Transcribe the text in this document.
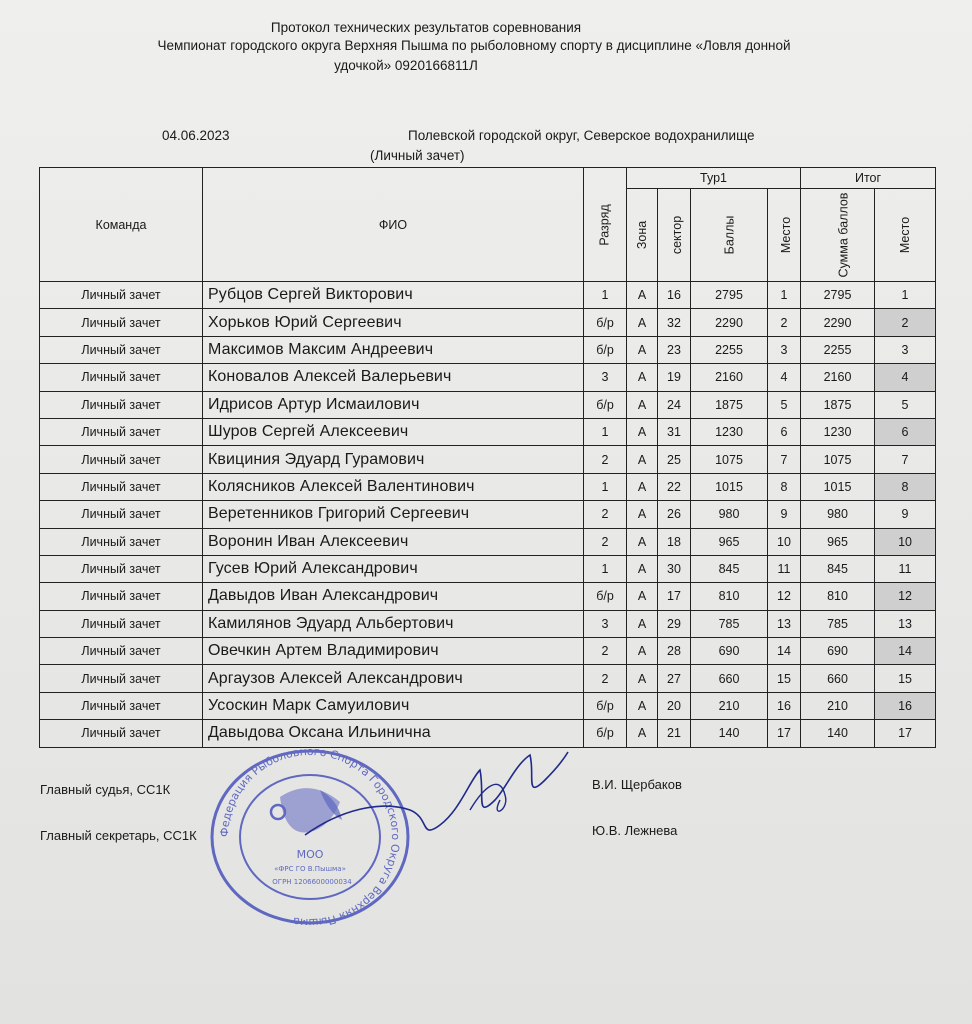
Протокол технических результатов соревнования
Чемпионат городского округа Верхняя Пышма по рыболовному спорту в дисциплине «Ловля донной
удочкой» 0920166811Л
04.06.2023	Полевской городской округ, Северское водохранилище
(Личный зачет)
Команда	ФИО	Разряд	Тур1				Итог	
			Зона	сектор	Баллы	Место	Сумма баллов	Место
Личный зачет	Рубцов Сергей Викторович	1	А	16	2795	1	2795	1
Личный зачет	Хорьков Юрий Сергеевич	б/р	А	32	2290	2	2290	2
Личный зачет	Максимов Максим Андреевич	б/р	А	23	2255	3	2255	3
Личный зачет	Коновалов Алексей Валерьевич	3	А	19	2160	4	2160	4
Личный зачет	Идрисов Артур Исмаилович	б/р	А	24	1875	5	1875	5
Личный зачет	Шуров Сергей Алексеевич	1	А	31	1230	6	1230	6
Личный зачет	Квициния Эдуард Гурамович	2	А	25	1075	7	1075	7
Личный зачет	Колясников Алексей Валентинович	1	А	22	1015	8	1015	8
Личный зачет	Веретенников Григорий Сергеевич	2	А	26	980	9	980	9
Личный зачет	Воронин Иван Алексеевич	2	А	18	965	10	965	10
Личный зачет	Гусев Юрий Александрович	1	А	30	845	11	845	11
Личный зачет	Давыдов Иван Александрович	б/р	А	17	810	12	810	12
Личный зачет	Камилянов Эдуард Альбертович	3	А	29	785	13	785	13
Личный зачет	Овечкин Артем Владимирович	2	А	28	690	14	690	14
Личный зачет	Аргаузов Алексей Александрович	2	А	27	660	15	660	15
Личный зачет	Усоскин Марк Самуилович	б/р	А	20	210	16	210	16
Личный зачет	Давыдова Оксана Ильинична	б/р	А	21	140	17	140	17
Главный судья, СС1К	В.И. Щербаков
Главный секретарь, СС1К	Ю.В. Лежнева
Федерация Рыболовного Спорта Городского Округа Верхняя Пышма
МОО
«ФРС ГО В.Пышма»
ОГРН 1206600000034
